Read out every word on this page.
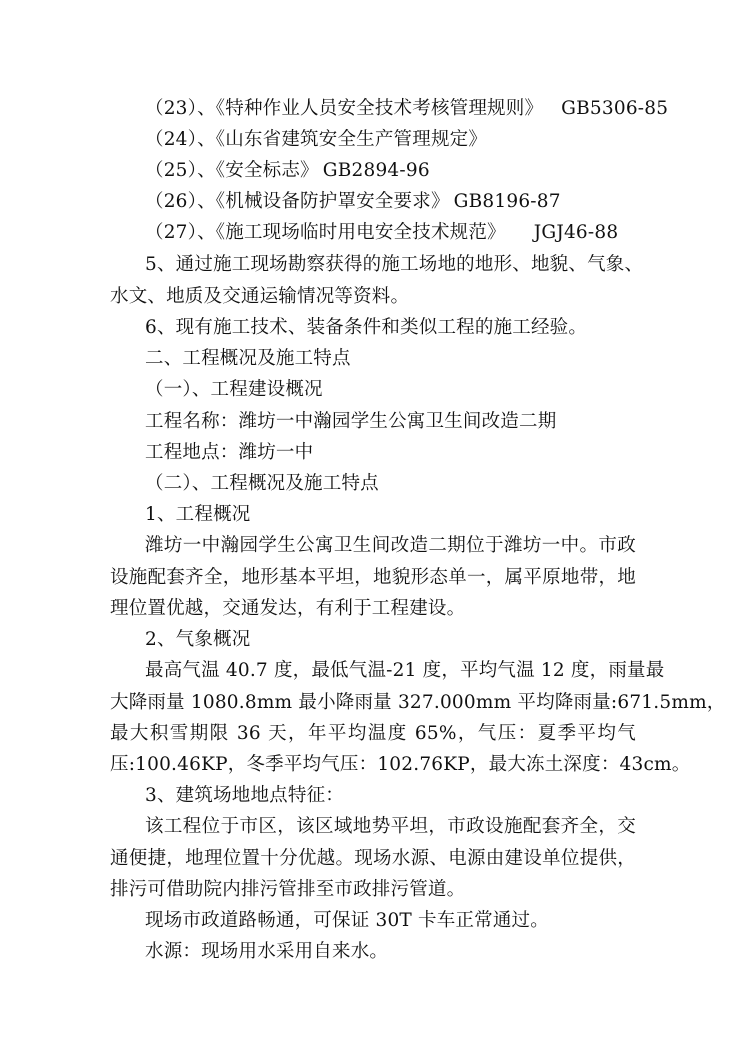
（23）、《特种作业人员安全技术考核管理规则》 GB5306-85
（24）、《山东省建筑安全生产管理规定》
（25）、《安全标志》 GB2894-96
（26）、《机械设备防护罩安全要求》 GB8196-87
（27）、《施工现场临时用电安全技术规范》 JGJ46-88
5、通过施工现场勘察获得的施工场地的地形、地貌、气象、
水文、地质及交通运输情况等资料。
6、现有施工技术、装备条件和类似工程的施工经验。
二、工程概况及施工特点
（一）、工程建设概况
工程名称：潍坊一中瀚园学生公寓卫生间改造二期
工程地点：潍坊一中
（二）、工程概况及施工特点
1、工程概况
潍坊一中瀚园学生公寓卫生间改造二期位于潍坊一中。市政
设施配套齐全，地形基本平坦，地貌形态单一，属平原地带，地
理位置优越，交通发达，有利于工程建设。
2、气象概况
最高气温 40.7 度，最低气温-21 度，平均气温 12 度，雨量最
大降雨量 1080.8mm 最小降雨量 327.000mm 平均降雨量:671.5mm，
最大积雪期限 36 天，年平均温度 65%，气压：夏季平均气
压:100.46KP，冬季平均气压：102.76KP，最大冻土深度：43cm。
3、建筑场地地点特征：
该工程位于市区，该区域地势平坦，市政设施配套齐全，交
通便捷，地理位置十分优越。现场水源、电源由建设单位提供，
排污可借助院内排污管排至市政排污管道。
现场市政道路畅通，可保证 30T 卡车正常通过。
水源：现场用水采用自来水。
